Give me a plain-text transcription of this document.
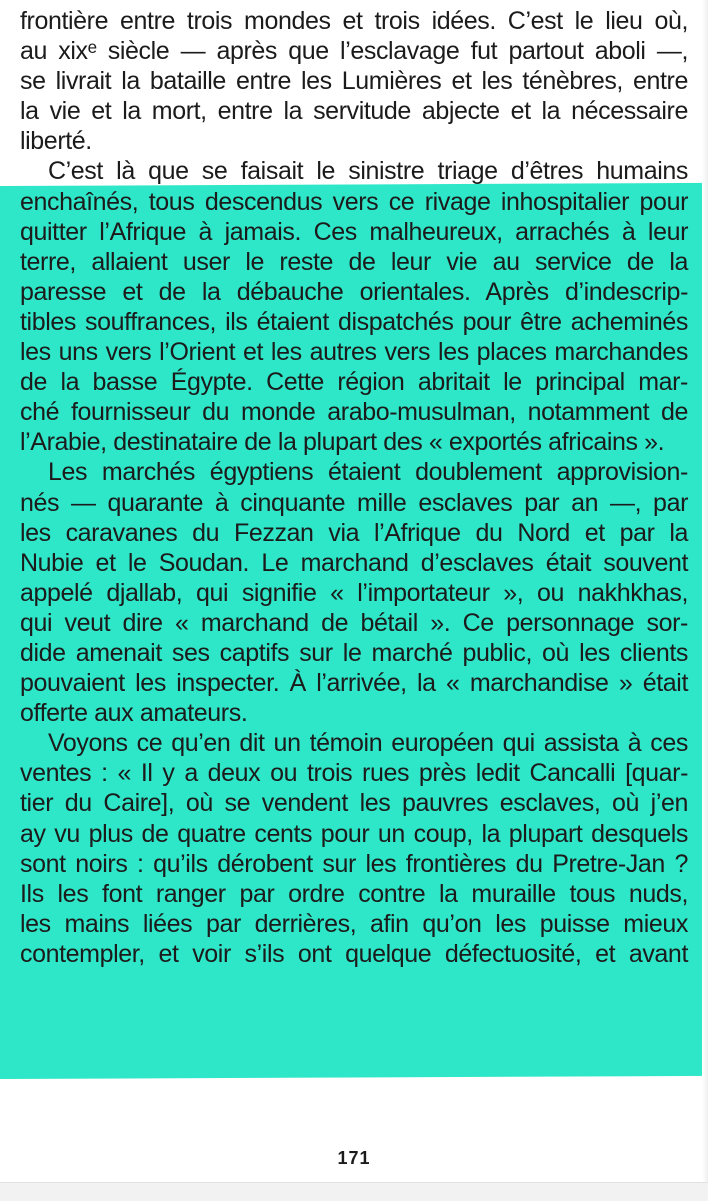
frontière entre trois mondes et trois idées. C’est le lieu où,
au xixᵉ siècle — après que l’esclavage fut partout aboli —,
se livrait la bataille entre les Lumières et les ténèbres, entre
la vie et la mort, entre la servitude abjecte et la nécessaire
liberté.
C’est là que se faisait le sinistre triage d’êtres humains
enchaînés, tous descendus vers ce rivage inhospitalier pour
quitter l’Afrique à jamais. Ces malheureux, arrachés à leur
terre, allaient user le reste de leur vie au service de la
paresse et de la débauche orientales. Après d’indescrip-
tibles souffrances, ils étaient dispatchés pour être acheminés
les uns vers l’Orient et les autres vers les places marchandes
de la basse Égypte. Cette région abritait le principal mar-
ché fournisseur du monde arabo-musulman, notamment de
l’Arabie, destinataire de la plupart des « exportés africains ».
Les marchés égyptiens étaient doublement approvision-
nés — quarante à cinquante mille esclaves par an —, par
les caravanes du Fezzan via l’Afrique du Nord et par la
Nubie et le Soudan. Le marchand d’esclaves était souvent
appelé djallab, qui signifie « l’importateur », ou nakhkhas,
qui veut dire « marchand de bétail ». Ce personnage sor-
dide amenait ses captifs sur le marché public, où les clients
pouvaient les inspecter. À l’arrivée, la « marchandise » était
offerte aux amateurs.
Voyons ce qu’en dit un témoin européen qui assista à ces
ventes : « Il y a deux ou trois rues près ledit Cancalli [quar-
tier du Caire], où se vendent les pauvres esclaves, où j’en
ay vu plus de quatre cents pour un coup, la plupart desquels
sont noirs : qu’ils dérobent sur les frontières du Pretre-Jan ?
Ils les font ranger par ordre contre la muraille tous nuds,
les mains liées par derrières, afin qu’on les puisse mieux
contempler, et voir s’ils ont quelque défectuosité, et avant
171
